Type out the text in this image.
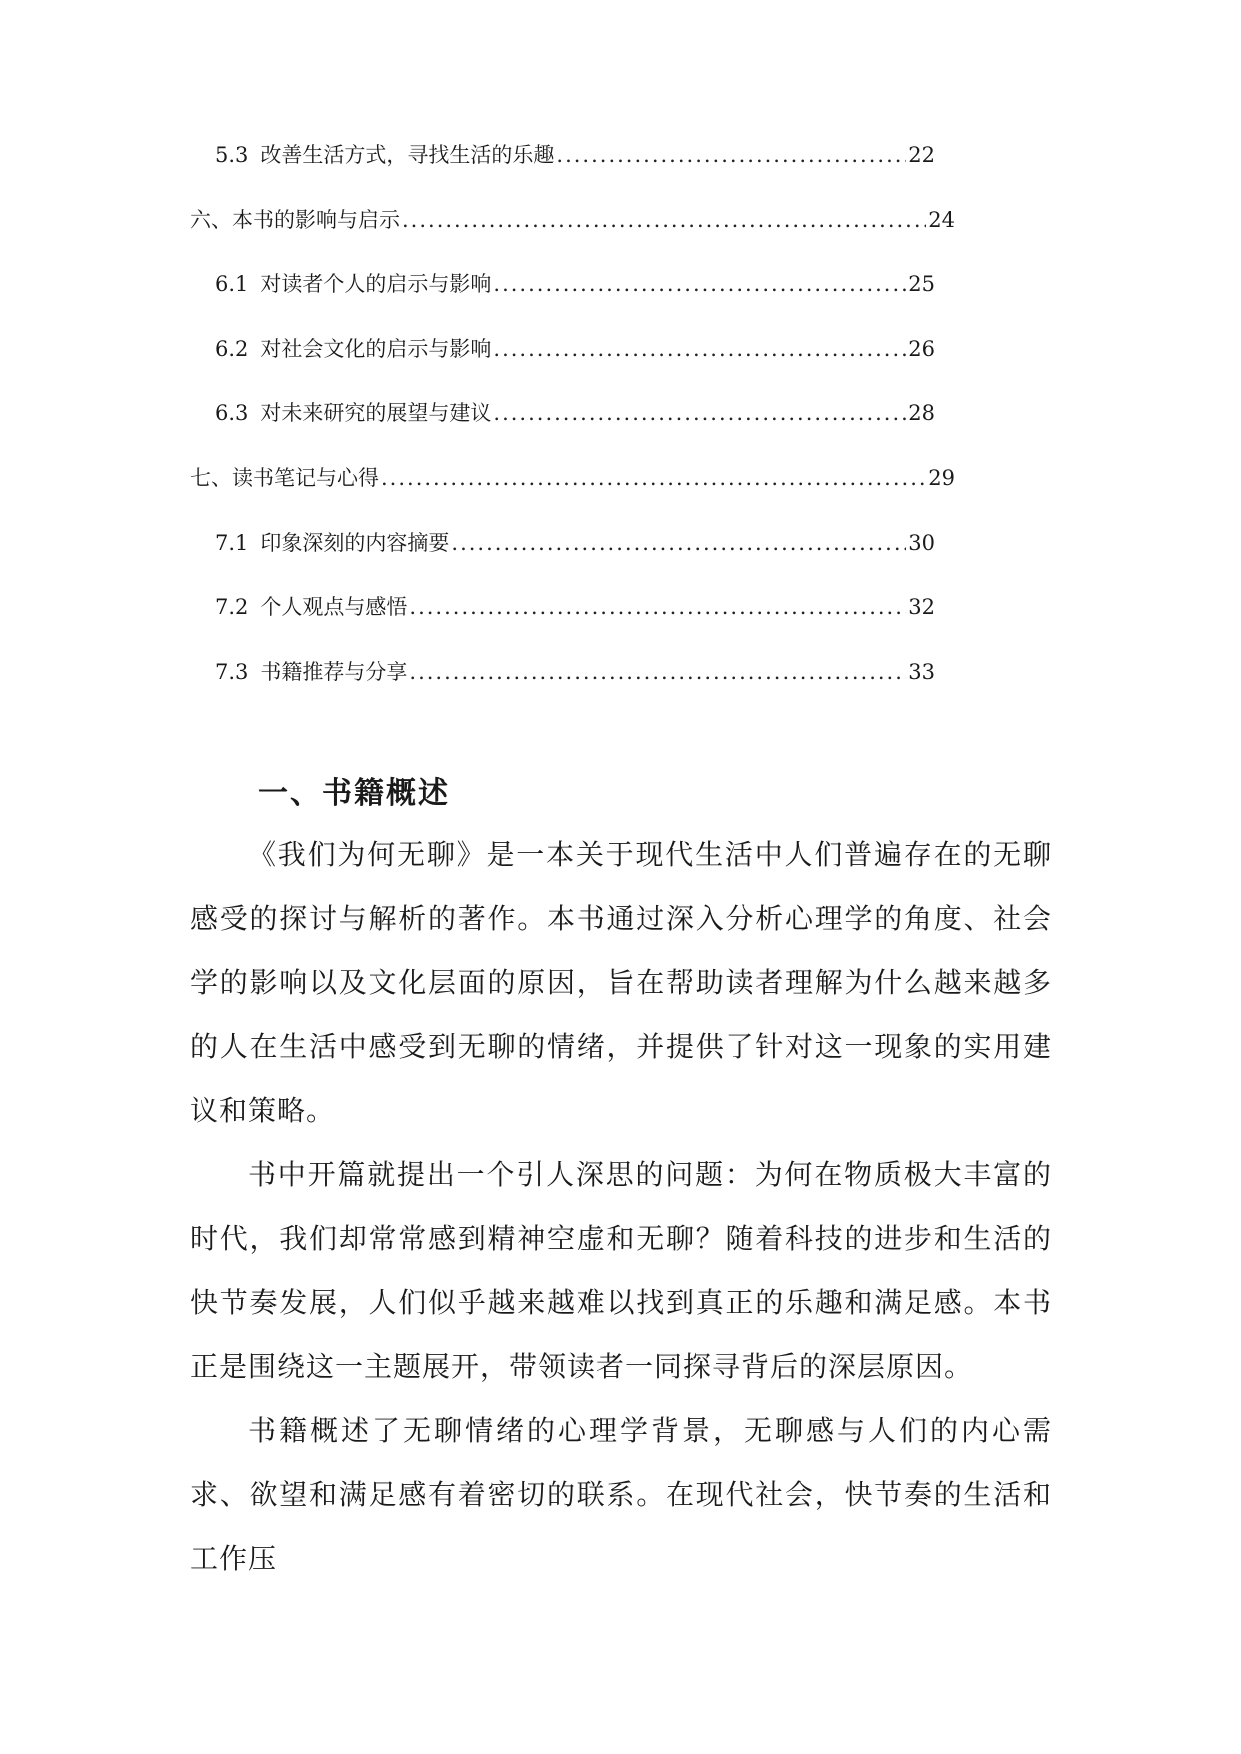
5.3 改善生活方式，寻找生活的乐趣 .....	22
六、本书的影响与启示 .....	24
6.1 对读者个人的启示与影响 .....	25
6.2 对社会文化的启示与影响 .....	26
6.3 对未来研究的展望与建议 .....	28
七、读书笔记与心得 .....	29
7.1 印象深刻的内容摘要 .....	30
7.2 个人观点与感悟 .....	32
7.3 书籍推荐与分享 .....	33
一、书籍概述

《我们为何无聊》是一本关于现代生活中人们普遍存在的无聊感受的探讨与解析的著作。本书通过深入分析心理学的角度、社会学的影响以及文化层面的原因，旨在帮助读者理解为什么越来越多的人在生活中感受到无聊的情绪，并提供了针对这一现象的实用建议和策略。

书中开篇就提出一个引人深思的问题：为何在物质极大丰富的时代，我们却常常感到精神空虚和无聊？随着科技的进步和生活的快节奏发展，人们似乎越来越难以找到真正的乐趣和满足感。本书正是围绕这一主题展开，带领读者一同探寻背后的深层原因。

书籍概述了无聊情绪的心理学背景，无聊感与人们的内心需求、欲望和满足感有着密切的联系。在现代社会，快节奏的生活和工作压
